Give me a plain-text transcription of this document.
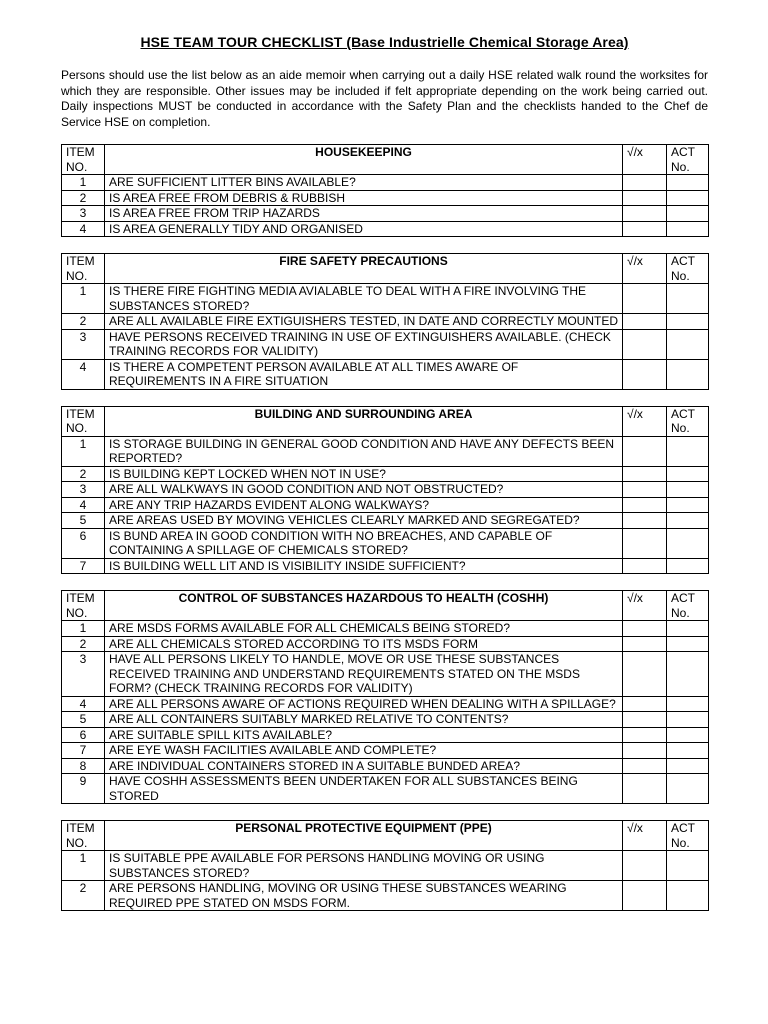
HSE TEAM TOUR CHECKLIST (Base Industrielle Chemical Storage Area)
Persons should use the list below as an aide memoir when carrying out a daily HSE related walk round the worksites for which they are responsible. Other issues may be included if felt appropriate depending on the work being carried out. Daily inspections MUST be conducted in accordance with the Safety Plan and the checklists handed to the Chef de Service HSE on completion.
ITEM
NO.	HOUSEKEEPING	√/x	ACT
No.
1	ARE SUFFICIENT LITTER BINS AVAILABLE?		
2	IS AREA FREE FROM DEBRIS & RUBBISH		
3	IS AREA FREE FROM TRIP HAZARDS		
4	IS AREA GENERALLY TIDY AND ORGANISED		
ITEM
NO.	FIRE SAFETY PRECAUTIONS	√/x	ACT
No.
1	IS THERE FIRE FIGHTING MEDIA AVIALABLE TO DEAL WITH A FIRE INVOLVING THE SUBSTANCES STORED?		
2	ARE ALL AVAILABLE FIRE EXTIGUISHERS TESTED, IN DATE AND CORRECTLY MOUNTED		
3	HAVE PERSONS RECEIVED TRAINING IN USE OF EXTINGUISHERS AVAILABLE. (CHECK TRAINING RECORDS FOR VALIDITY)		
4	IS THERE A COMPETENT PERSON AVAILABLE AT ALL TIMES AWARE OF REQUIREMENTS IN A FIRE SITUATION		
ITEM
NO.	BUILDING AND SURROUNDING AREA	√/x	ACT
No.
1	IS STORAGE BUILDING IN GENERAL GOOD CONDITION AND HAVE ANY DEFECTS BEEN REPORTED?		
2	IS BUILDING KEPT LOCKED WHEN NOT IN USE?		
3	ARE ALL WALKWAYS IN GOOD CONDITION AND NOT OBSTRUCTED?		
4	ARE ANY TRIP HAZARDS EVIDENT ALONG WALKWAYS?		
5	ARE AREAS USED BY MOVING VEHICLES CLEARLY MARKED AND SEGREGATED?		
6	IS BUND AREA IN GOOD CONDITION WITH NO BREACHES, AND CAPABLE OF CONTAINING A SPILLAGE OF CHEMICALS STORED?		
7	IS BUILDING WELL LIT AND IS VISIBILITY INSIDE SUFFICIENT?		
ITEM
NO.	CONTROL OF SUBSTANCES HAZARDOUS TO HEALTH (COSHH)	√/x	ACT
No.
1	ARE MSDS FORMS AVAILABLE FOR ALL CHEMICALS BEING STORED?		
2	ARE ALL CHEMICALS STORED ACCORDING TO ITS MSDS FORM		
3	HAVE ALL PERSONS LIKELY TO HANDLE, MOVE OR USE THESE SUBSTANCES RECEIVED TRAINING AND UNDERSTAND REQUIREMENTS STATED ON THE MSDS FORM? (CHECK TRAINING RECORDS FOR VALIDITY)		
4	ARE ALL PERSONS AWARE OF ACTIONS REQUIRED WHEN DEALING WITH A SPILLAGE?		
5	ARE ALL CONTAINERS SUITABLY MARKED RELATIVE TO CONTENTS?		
6	ARE SUITABLE SPILL KITS AVAILABLE?		
7	ARE EYE WASH FACILITIES AVAILABLE AND COMPLETE?		
8	ARE INDIVIDUAL CONTAINERS STORED IN A SUITABLE BUNDED AREA?		
9	HAVE COSHH ASSESSMENTS BEEN UNDERTAKEN FOR ALL SUBSTANCES BEING STORED		
ITEM
NO.	PERSONAL PROTECTIVE EQUIPMENT (PPE)	√/x	ACT
No.
1	IS SUITABLE PPE AVAILABLE FOR PERSONS HANDLING MOVING OR USING SUBSTANCES STORED?		
2	ARE PERSONS HANDLING, MOVING OR USING THESE SUBSTANCES WEARING REQUIRED PPE STATED ON MSDS FORM.		
